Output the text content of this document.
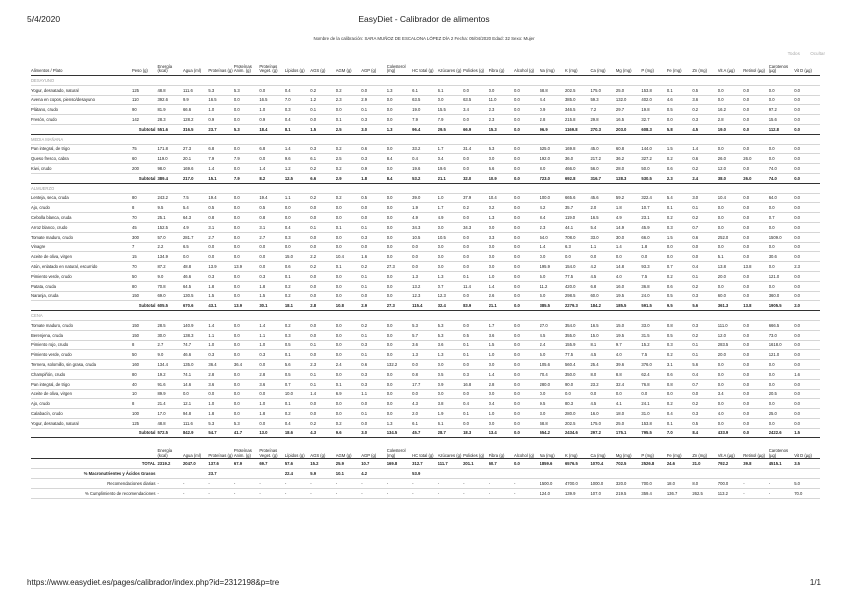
5/4/2020	EasyDiet - Calibrador de alimentos
Nombre de la calibración: SARA MUÑOZ DE ESCALONA LÓPEZ DÍA 2 Fecha: 05/04/2020 Edad: 32 Sexo: Mujer
Todos Ocultar
Alimentos / Plato	Peso (g)	Energía (kcal)	Agua (ml)	Proteínas (g)	Proteínas Anim. (g)	Proteínas Veget. (g)	Lípidos (g)	AGS (g)	AGM (g)	AGP (g)	Colesterol (mg)	HC total (g)	Azúcares (g)	Polioles (g)	Fibra (g)	Alcohol (g)	Na (mg)	K (mg)	Ca (mg)	Mg (mg)	P (mg)	Fe (mg)	Zn (mg)	Vit A (µg)	Retinol (µg)	Carotenos (µg)	Vit D (µg)

DESAYUNO																											
Yogur, desnatado, natural	125	48.8	111.6	5.3	5.3	0.0	0.4	0.2	0.2	0.0	1.3	6.1	6.1	0.0	0.0	0.0	68.8	202.5	175.0	25.0	153.8	0.1	0.5	0.0	0.0	0.0	0.0
Avena en copos, pienso/desayuno	110	392.6	9.9	16.5	0.0	16.5	7.0	1.2	2.3	2.9	0.0	63.5	0.0	63.5	11.0	0.0	4.4	385.0	59.3	132.0	402.0	4.6	3.6	0.0	0.0	0.0	0.0
Plátano, crudo	90	81.9	66.6	1.0	0.0	1.0	0.3	0.1	0.0	0.1	0.0	19.0	15.5	3.4	2.3	0.0	0.9	346.5	7.2	29.7	19.8	0.5	0.2	16.2	0.0	97.2	0.0
Fresón, crudo	142	28.3	128.2	0.9	0.0	0.9	0.4	0.0	0.1	0.3	0.0	7.9	7.9	0.0	2.3	0.0	2.8	215.8	29.8	16.5	32.7	0.0	0.3	2.8	0.0	15.6	0.0
	Subtotal	551.6	316.5	23.7	5.3	18.4	8.1	1.5	2.5	3.0	1.3	96.4	29.5	66.9	15.3	0.0	96.9	1169.8	270.3	203.0	608.3	5.8	4.5	19.0	0.0	112.8	0.0
MEDIA MAÑANA																											
Pan integral, de trigo	75	171.8	27.3	6.8	0.0	6.8	1.4	0.3	0.2	0.6	0.0	33.2	1.7	31.4	5.3	0.0	525.0	169.8	45.0	60.8	144.0	1.5	1.4	0.0	0.0	0.0	0.0
Queso fresco, cabra	60	119.0	20.1	7.9	7.9	0.0	9.6	6.1	2.5	0.3	8.4	0.4	0.4	0.0	0.0	0.0	192.0	36.0	217.2	36.2	327.2	0.2	0.6	26.0	26.0	0.0	0.0
Kiwi, crudo	200	98.0	169.6	1.4	0.0	1.4	1.2	0.2	0.2	0.9	0.0	19.6	19.6	0.0	5.6	0.0	8.0	466.0	56.0	28.0	50.0	0.6	0.2	12.0	0.0	74.0	0.0
	Subtotal	389.4	217.0	15.1	7.9	8.2	12.5	6.6	2.9	1.8	8.4	53.2	21.1	32.0	10.9	0.0	723.0	692.8	316.7	128.3	530.5	2.3	2.4	38.0	26.0	74.0	0.0
ALMUERZO																											
Lenteja, seca, cruda	80	243.2	7.5	19.4	0.0	19.4	1.1	0.2	0.2	0.5	0.0	39.0	1.0	37.9	10.4	0.0	100.0	665.6	45.6	59.2	322.4	5.4	3.0	10.4	0.0	64.0	0.0
Ajo, crudo	8	9.5	5.4	0.5	0.0	0.5	0.0	0.0	0.0	0.0	0.0	1.9	1.7	0.2	0.2	0.0	4.2	35.7	2.0	1.8	10.7	0.1	0.1	0.0	0.0	0.0	0.0
Cebolla blanca, cruda	70	25.1	64.3	0.8	0.0	0.8	0.0	0.0	0.0	0.0	0.0	4.9	4.9	0.0	1.3	0.0	8.4	119.0	16.5	4.9	23.1	0.2	0.2	0.0	0.0	0.7	0.0
Arroz blanco, crudo	45	152.5	4.9	3.1	0.0	3.1	0.4	0.1	0.1	0.1	0.0	34.3	0.0	34.3	0.0	0.0	2.3	44.1	5.4	14.9	45.9	0.3	0.7	0.0	0.0	0.0	0.0
Tomate maduro, crudo	300	57.0	281.7	2.7	0.0	2.7	0.3	0.0	0.0	0.3	0.0	10.5	10.5	0.0	3.3	0.0	54.0	708.0	33.0	30.0	66.0	1.5	0.6	252.0	0.0	1509.0	0.0
Vinagre	7	2.2	6.5	0.0	0.0	0.0	0.0	0.0	0.0	0.0	0.0	0.0	0.0	0.0	0.0	0.0	1.4	6.3	1.1	1.4	1.8	0.0	0.0	0.0	0.0	0.0	0.0
Aceite de oliva, virgen	15	134.9	0.0	0.0	0.0	0.0	15.0	2.2	10.4	1.6	0.0	0.0	0.0	0.0	0.0	0.0	0.0	0.0	0.0	0.0	0.0	0.0	0.0	5.1	0.0	30.6	0.0
Atún, enlatado en natural, escurrido	70	87.2	48.8	13.9	13.9	0.0	0.6	0.2	0.1	0.2	27.3	0.0	0.0	0.0	0.0	0.0	195.9	154.0	4.2	14.8	93.3	0.7	0.4	13.8	13.8	0.0	2.3
Pimiento verde, crudo	50	9.0	46.6	0.3	0.0	0.3	0.1	0.0	0.0	0.1	0.0	1.3	1.3	0.1	1.0	0.0	5.0	77.5	4.5	4.0	7.5	0.2	0.1	20.0	0.0	121.0	0.0
Patata, cruda	80	70.8	64.5	1.8	0.0	1.8	0.2	0.0	0.0	0.1	0.0	13.2	0.7	11.4	1.4	0.0	11.2	420.0	6.8	16.0	36.8	0.6	0.2	0.0	0.0	0.0	0.0
Naranja, cruda	150	69.0	130.5	1.5	0.0	1.5	0.2	0.0	0.0	0.0	0.0	12.3	12.3	0.0	2.6	0.0	6.0	298.5	60.0	19.5	24.0	0.5	0.3	60.0	0.0	360.0	0.0
	Subtotal	605.5	670.6	43.1	13.9	30.1	18.1	2.8	10.8	2.9	27.3	115.4	32.4	83.9	21.1	0.0	385.5	2279.3	184.2	185.5	591.5	9.5	5.6	361.3	13.8	1905.5	2.0
CENA																											
Tomate maduro, crudo	150	28.5	140.9	1.4	0.0	1.4	0.2	0.0	0.0	0.2	0.0	5.3	5.3	0.0	1.7	0.0	27.0	354.0	16.5	15.0	33.0	0.8	0.3	111.0	0.0	666.5	0.0
Berenjena, cruda	150	30.0	138.3	1.1	0.0	1.1	0.3	0.0	0.0	0.1	0.0	5.7	5.3	0.5	3.6	0.0	4.5	355.0	15.0	19.5	31.5	0.5	0.2	12.0	0.0	73.0	0.0
Pimiento rojo, crudo	8	2.7	74.7	1.0	0.0	1.0	0.5	0.1	0.0	0.3	0.0	3.6	3.6	0.1	1.5	0.0	2.4	155.9	8.1	9.7	15.2	0.3	0.1	283.5	0.0	1618.0	0.0
Pimiento verde, crudo	50	9.0	46.6	0.3	0.0	0.3	0.1	0.0	0.0	0.1	0.0	1.3	1.3	0.1	1.0	0.0	5.0	77.5	4.5	4.0	7.5	0.2	0.1	20.0	0.0	121.0	0.0
Ternera, solomillo, sin grasa, cruda	160	134.4	135.0	36.4	36.4	0.0	5.6	2.3	2.4	0.6	132.2	0.0	0.0	0.0	0.0	0.0	105.6	560.4	25.4	39.6	376.0	3.1	5.6	0.0	0.0	0.0	0.0
Champiñón, crudo	80	19.2	74.1	2.8	0.0	2.8	0.5	0.1	0.0	0.3	0.0	0.8	0.5	0.3	1.4	0.0	70.4	350.0	8.0	8.8	62.4	0.6	0.4	0.0	0.0	0.0	1.6
Pan integral, de trigo	40	91.6	14.6	3.6	0.0	3.6	0.7	0.1	0.1	0.3	0.0	17.7	0.9	16.8	2.8	0.0	280.0	90.0	23.2	32.4	76.8	0.8	0.7	0.0	0.0	0.0	0.0
Aceite de oliva, virgen	10	89.9	0.0	0.0	0.0	0.0	10.0	1.4	6.9	1.1	0.0	0.0	0.0	0.0	0.0	0.0	0.0	0.0	0.0	0.0	0.0	0.0	0.0	3.4	0.0	20.5	0.0
Ajo, crudo	8	21.4	12.1	1.0	0.0	1.0	0.1	0.0	0.0	0.0	0.0	4.3	3.8	0.4	0.4	0.0	9.5	80.3	4.5	4.1	24.1	0.2	0.2	0.0	0.0	0.0	0.0
Calabacín, crudo	100	17.0	94.8	1.8	0.0	1.8	0.2	0.0	0.0	0.1	0.0	2.0	1.9	0.1	1.0	0.0	3.0	280.0	16.0	18.0	31.0	0.4	0.3	4.0	0.0	25.0	0.0
Yogur, desnatado, natural	125	48.8	111.6	5.3	5.3	0.0	0.4	0.2	0.2	0.0	1.3	6.1	6.1	0.0	0.0	0.0	68.8	202.5	175.0	25.0	153.8	0.1	0.5	0.0	0.0	0.0	0.0
	Subtotal	572.5	842.9	54.7	41.7	13.0	18.6	4.3	9.6	3.0	134.5	45.7	28.7	18.3	13.4	0.0	654.2	2434.6	297.2	175.1	795.5	7.0	8.4	433.9	0.0	2422.6	1.5

		Energía (kcal)	Agua (ml)	Proteínas (g)	Proteínas Anim. (g)	Proteínas Veget. (g)	Lípidos (g)	AGS (g)	AGM (g)	AGP (g)	Colesterol (mg)	HC total (g)	Azúcares (g)	Polioles (g)	Fibra (g)	Alcohol (g)	Na (mg)	K (mg)	Ca (mg)	Mg (mg)	P (mg)	Fe (mg)	Zn (mg)	Vit A (µg)	Retinol (µg)	Carotenos (µg)	Vit D (µg)
TOTAL		2319.2	2047.0	137.6	67.9	69.7	57.6	15.2	25.9	10.7	169.8	312.7	111.7	201.1	60.7	0.0	1859.6	6576.5	1070.4	702.5	2526.8	24.6	21.0	792.2	39.8	4515.1	3.5
% Macronutrientes y Ácidos Grasos				23.7			22.4	5.9	10.1	4.2		53.9															
Recomendaciones diarias		-	-	-	-	-	-	-	-	-	-	-	-	-	-	-	1500.0	4700.0	1000.0	320.0	700.0	18.0	8.0	700.0	-	-	5.0
% Cumplimiento de recomendaciones		-	-	-	-	-	-	-	-	-	-	-	-	-	-	-	124.0	139.9	107.0	219.5	359.4	136.7	262.5	113.2	-	-	70.0
https://www.easydiet.es/pages/calibrador/index.php?id=2312198&p=tre	1/1
